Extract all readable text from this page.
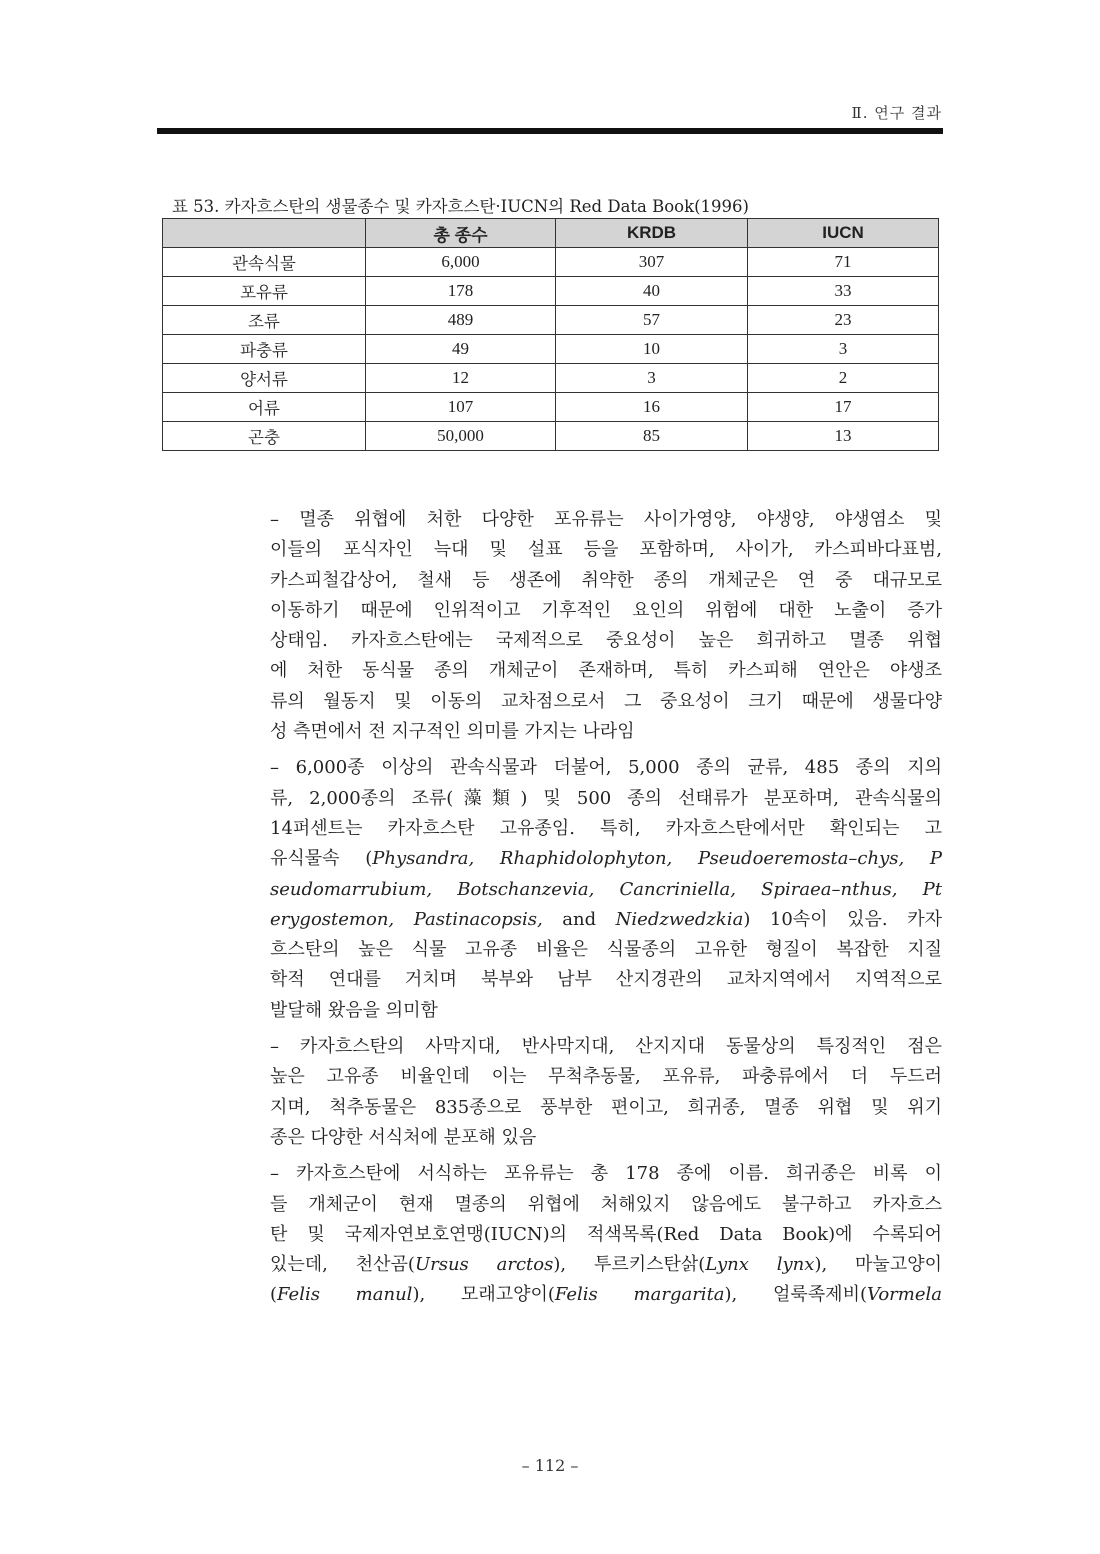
Ⅱ. 연구 결과
표 53. 카자흐스탄의 생물종수 및 카자흐스탄·IUCN의 Red Data Book(1996)
	총 종수	KRDB	IUCN
관속식물	6,000	307	71
포유류	178	40	33
조류	489	57	23
파충류	49	10	3
양서류	12	3	2
어류	107	16	17
곤충	50,000	85	13
– 멸종 위협에 처한 다양한 포유류는 사이가영양, 야생양, 야생염소 및
이들의 포식자인 늑대 및 설표 등을 포함하며, 사이가, 카스피바다표범,
카스피철갑상어, 철새 등 생존에 취약한 종의 개체군은 연 중 대규모로
이동하기 때문에 인위적이고 기후적인 요인의 위험에 대한 노출이 증가
상태임. 카자흐스탄에는 국제적으로 중요성이 높은 희귀하고 멸종 위협
에 처한 동식물 종의 개체군이 존재하며, 특히 카스피해 연안은 야생조
류의 월동지 및 이동의 교차점으로서 그 중요성이 크기 때문에 생물다양
성 측면에서 전 지구적인 의미를 가지는 나라임
– 6,000종 이상의 관속식물과 더불어, 5,000 종의 균류, 485 종의 지의
류, 2,000종의 조류(藻類) 및 500 종의 선태류가 분포하며, 관속식물의
14퍼센트는 카자흐스탄 고유종임. 특히, 카자흐스탄에서만 확인되는 고
유식물속 (Physandra, Rhaphidolophyton, Pseudoeremosta–chys, P
seudomarrubium, Botschanzevia, Cancriniella, Spiraea–nthus, Pt
erygostemon, Pastinacopsis, and Niedzwedzkia) 10속이 있음. 카자
흐스탄의 높은 식물 고유종 비율은 식물종의 고유한 형질이 복잡한 지질
학적 연대를 거치며 북부와 남부 산지경관의 교차지역에서 지역적으로
발달해 왔음을 의미함
– 카자흐스탄의 사막지대, 반사막지대, 산지지대 동물상의 특징적인 점은
높은 고유종 비율인데 이는 무척추동물, 포유류, 파충류에서 더 두드러
지며, 척추동물은 835종으로 풍부한 편이고, 희귀종, 멸종 위협 및 위기
종은 다양한 서식처에 분포해 있음
– 카자흐스탄에 서식하는 포유류는 총 178 종에 이름. 희귀종은 비록 이
들 개체군이 현재 멸종의 위협에 처해있지 않음에도 불구하고 카자흐스
탄 및 국제자연보호연맹(IUCN)의 적색목록(Red Data Book)에 수록되어
있는데, 천산곰(Ursus arctos), 투르키스탄삵(Lynx lynx), 마눌고양이
(Felis manul), 모래고양이(Felis margarita), 얼룩족제비(Vormela
– 112 –
